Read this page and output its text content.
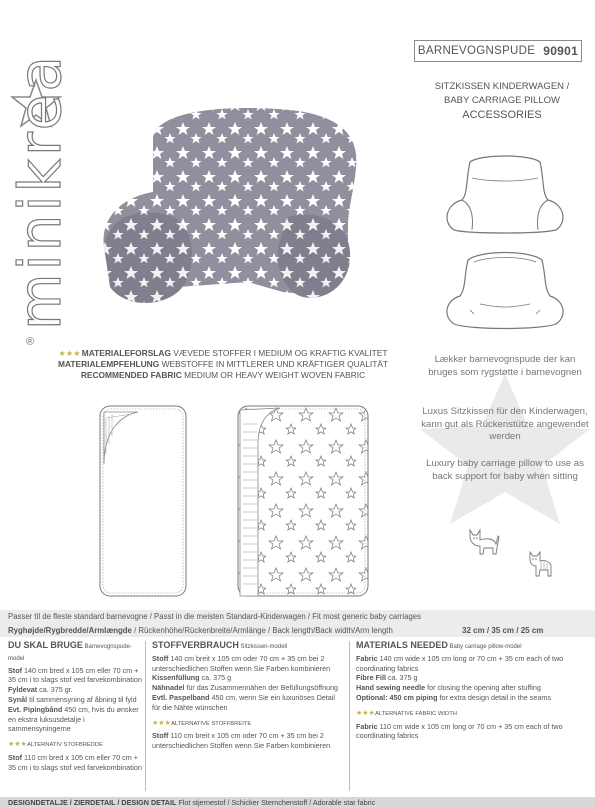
minikrea
®
BARNEVOGNSPUDE 90901
SITZKISSEN KINDERWAGEN /
BABY CARRIAGE PILLOW
ACCESSORIES
★ ★ ★ MATERIALEFORSLAG VÆVEDE STOFFER I MEDIUM OG KRAFTIG KVALITET
MATERIALEMPFEHLUNG WEBSTOFFE IN MITTLERER UND KRÄFTIGER QUALITÄT
RECOMMENDED FABRIC MEDIUM OR HEAVY WEIGHT WOVEN FABRIC
Lækker barnevognspude der kan bruges som rygstøtte i barnevognen
Luxus Sitzkissen für den Kinderwagen, kann gut als Rückenstütze angewendet werden
Luxury baby carriage pillow to use as back support for baby when sitting
Passer til de fleste standard barnevogne / Passt in die meisten Standard-Kinderwagen / Fit most generic baby carriages
Ryghøjde/Rygbredde/Armlængde / Rückenhöhe/Rückenbreite/Armlänge / Back length/Back width/Arm length	32 cm / 35 cm / 25 cm
DU SKAL BRUGE Barnevognspude-model
Stof 140 cm bred x 105 cm eller 70 cm + 35 cm i to slags stof ved farvekombination
Fyldevat ca. 375 gr.
Synål til sammensyning af åbning til fyld
Evt. Pipingbånd 450 cm, hvis du ønsker en ekstra luksusdetalje i sammensyningerne
★ ★ ★ ALTERNATIV STOFBREDDE
Stof 110 cm bred x 105 cm eller 70 cm + 35 cm i to slags stof ved farvekombination
STOFFVERBRAUCH Sitzkissen-modell
Stoff 140 cm breit x 105 cm oder 70 cm + 35 cm bei 2 unterschiedlichen Stoffen wenn Sie Farben kombinieren
Kissenfüllung ca. 375 g
Nähnadel für das Zusammennähen der Befüllungsöffnung
Evtl. Paspelband 450 cm, wenn Sie ein luxuriöses Detail für die Nähte wünschen
★ ★ ★ ALTERNATIVE STOFFBREITE
Stoff 110 cm breit x 105 cm oder 70 cm + 35 cm bei 2 unterschiedlichen Stoffen wenn Sie Farben kombinieren
MATERIALS NEEDED Baby carriage pillow-model
Fabric 140 cm wide x 105 cm long or 70 cm + 35 cm each of two coordinating fabrics
Fibre Fill ca. 375 g
Hand sewing needle for closing the opening after stuffing
Optional: 450 cm piping for extra design detail in the seams
★ ★ ★ ALTERNATIVE FABRIC WIDTH
Fabric 110 cm wide x 105 cm long or 70 cm + 35 cm each of two coordinating fabrics
DESIGNDETALJE / ZIERDETAIL / DESIGN DETAIL Flot stjernestof / Schicker Sternchenstoff / Adorable star fabric
